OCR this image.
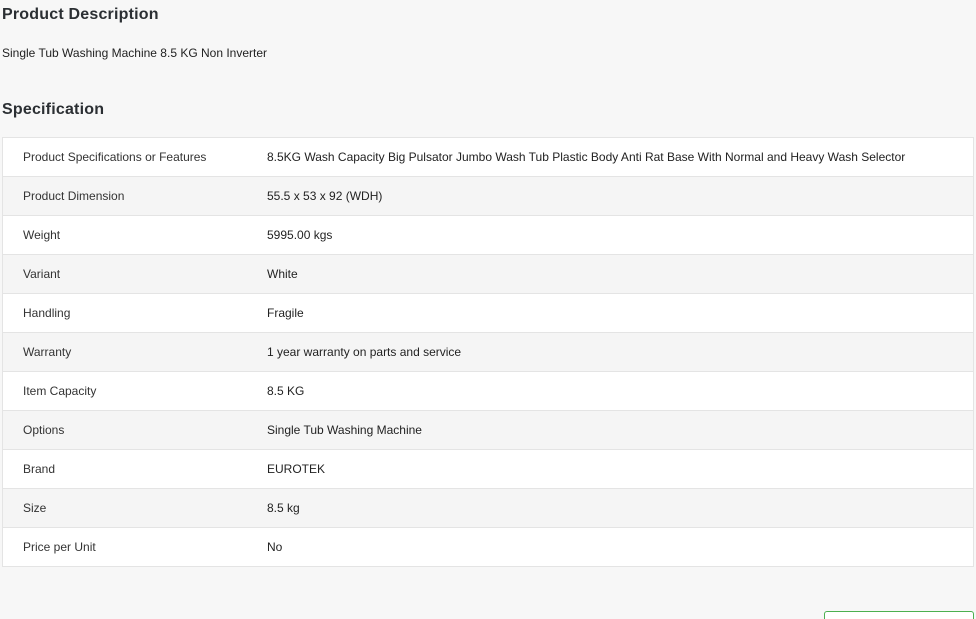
Product Description
Single Tub Washing Machine 8.5 KG Non Inverter
Specification
Product Specifications or Features	8.5KG Wash Capacity Big Pulsator Jumbo Wash Tub Plastic Body Anti Rat Base With Normal and Heavy Wash Selector
Product Dimension	55.5 x 53 x 92 (WDH)
Weight	5995.00 kgs
Variant	White
Handling	Fragile
Warranty	1 year warranty on parts and service
Item Capacity	8.5 KG
Options	Single Tub Washing Machine
Brand	EUROTEK
Size	8.5 kg
Price per Unit	No
